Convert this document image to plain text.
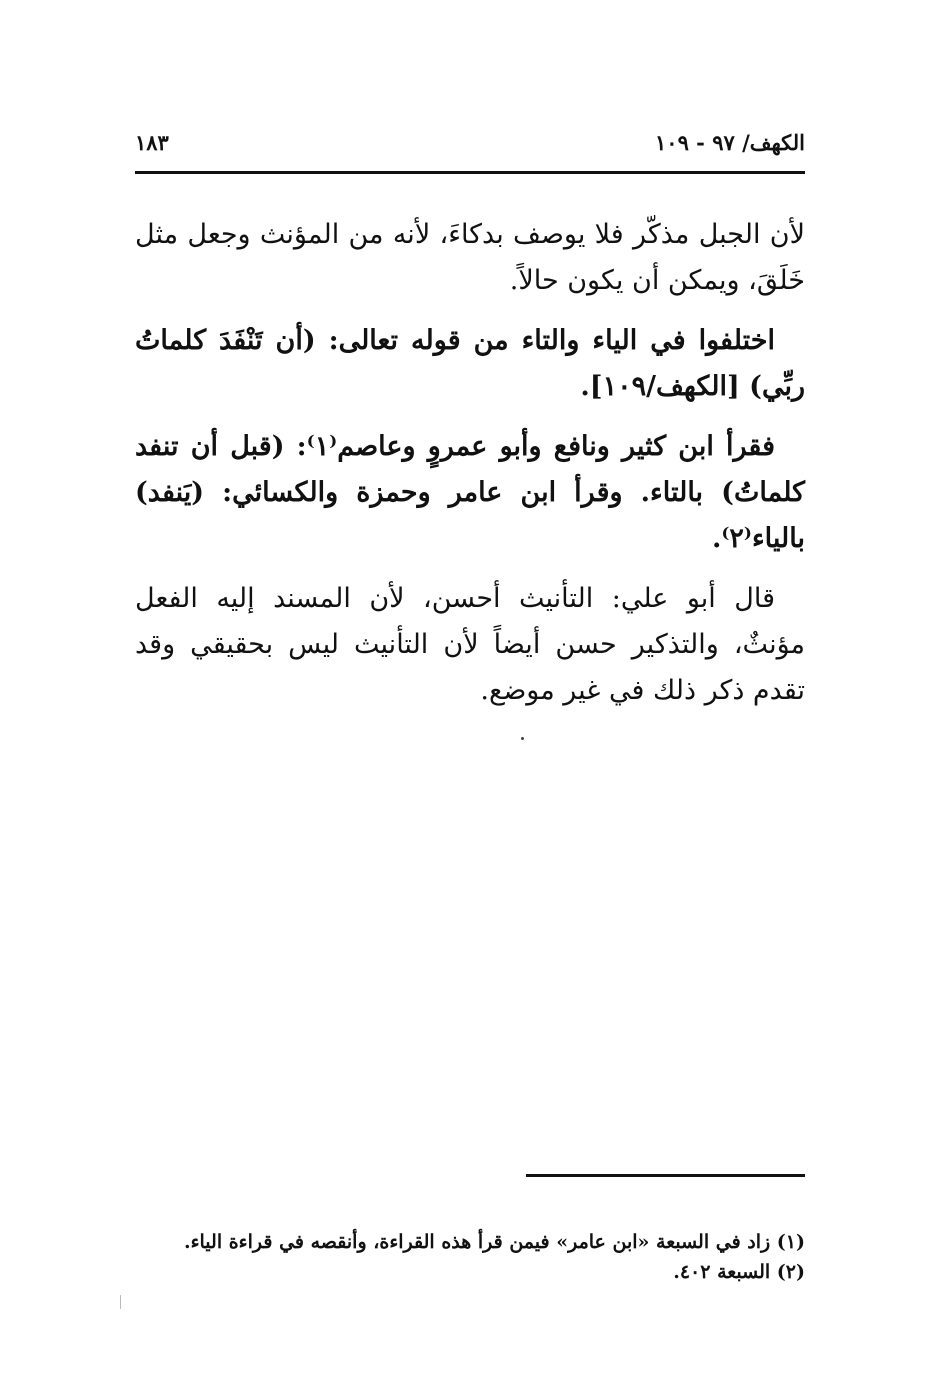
الكهف/ ٩٧ - ١٠٩
١٨٣

لأن الجبل مذكّر فلا يوصف بدكاءَ، لأنه من المؤنث وجعل مثل خَلَقَ، ويمكن أن يكون حالاً.

اختلفوا في الياء والتاء من قوله تعالى: (أن تَنْفَدَ كلماتُ ربِّي) [الكهف/١٠٩].

فقرأ ابن كثير ونافع وأبو عمروٍ وعاصم⁽١⁾: (قبل أن تنفد كلماتُ) بالتاء. وقرأ ابن عامر وحمزة والكسائي: (يَنفد) بالياء⁽٢⁾.

قال أبو علي: التأنيث أحسن، لأن المسند إليه الفعل مؤنثٌ، والتذكير حسن أيضاً لأن التأنيث ليس بحقيقي وقد تقدم ذكر ذلك في غير موضع.

(١) زاد في السبعة «ابن عامر» فيمن قرأ هذه القراءة، وأنقصه في قراءة الياء.

(٢) السبعة ٤٠٢.
